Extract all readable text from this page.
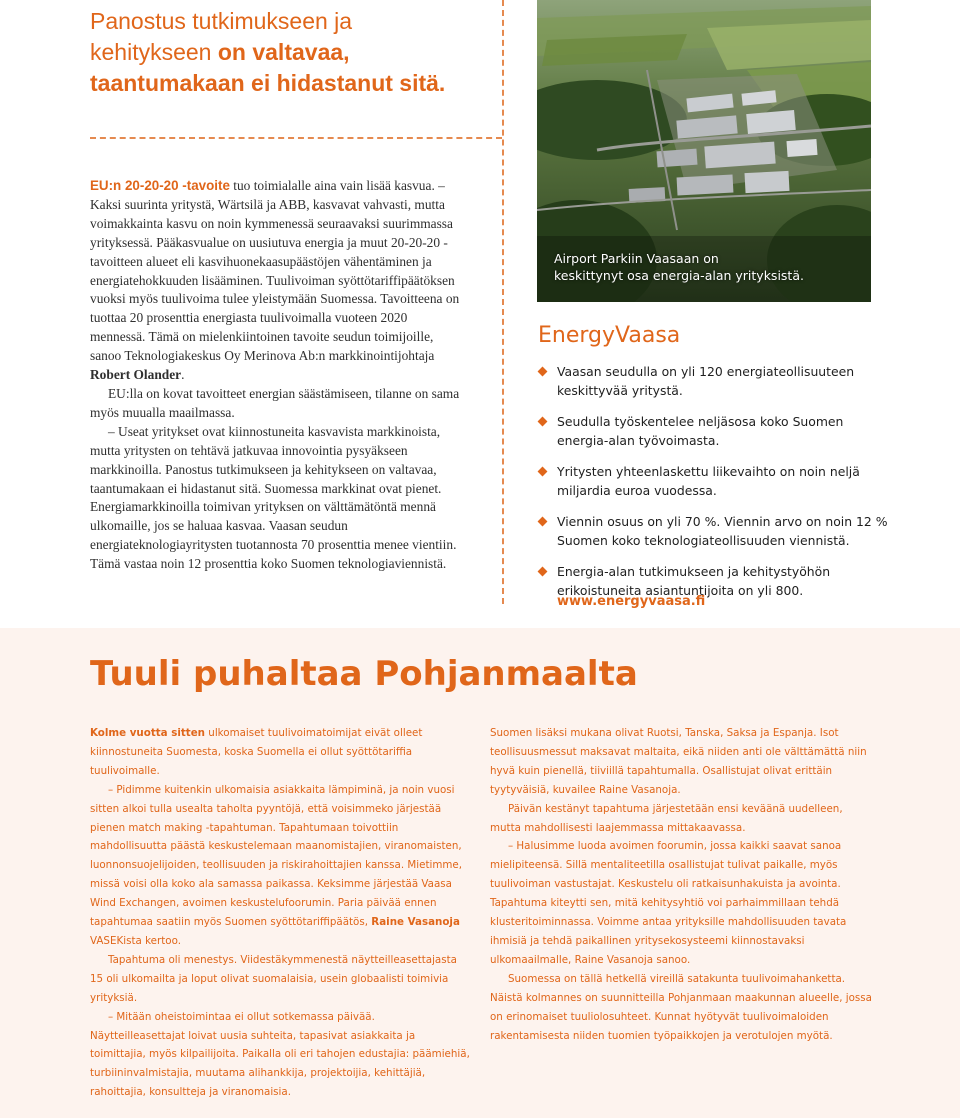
Panostus tutkimukseen ja
kehitykseen on valtavaa,
taantumakaan ei hidastanut sitä.

EU:n 20-20-20 -tavoite tuo toimialalle aina vain lisää kasvua. – Kaksi suurinta yritystä, Wärtsilä ja ABB, kasvavat vahvasti, mutta voimakkainta kasvu on noin kymmenessä seuraavaksi suurimmassa yrityksessä. Pääkasvualue on uusiutuva energia ja muut 20-20-20 -tavoitteen alueet eli kasvihuonekaasupäästöjen vähentäminen ja energiatehokkuuden lisääminen. Tuulivoiman syöttötariffipäätöksen vuoksi myös tuulivoima tulee yleistymään Suomessa. Tavoitteena on tuottaa 20 prosenttia energiasta tuulivoimalla vuoteen 2020 mennessä. Tämä on mielenkiintoinen tavoite seudun toimijoille, sanoo Teknologiakeskus Oy Merinova Ab:n markkinointijohtaja Robert Olander.

EU:lla on kovat tavoitteet energian säästämiseen, tilanne on sama myös muualla maailmassa.

– Useat yritykset ovat kiinnostuneita kasvavista markkinoista, mutta yritysten on tehtävä jatkuvaa innovointia pysyäkseen markkinoilla. Panostus tutkimukseen ja kehitykseen on valtavaa, taantumakaan ei hidastanut sitä. Suomessa markkinat ovat pienet. Energiamarkkinoilla toimivan yrityksen on välttämätöntä mennä ulkomaille, jos se haluaa kasvaa. Vaasan seudun energiateknologiayritysten tuotannosta 70 prosenttia menee vientiin. Tämä vastaa noin 12 prosenttia koko Suomen teknologiaviennistä.

Airport Parkiin Vaasaan on
keskittynyt osa energia-alan yrityksistä.
EnergyVaasa
Vaasan seudulla on yli 120 energiateollisuuteen keskittyvää yritystä.
Seudulla työskentelee neljäsosa koko Suomen energia-alan työvoimasta.
Yritysten yhteenlaskettu liikevaihto on noin neljä miljardia euroa vuodessa.
Viennin osuus on yli 70 %. Viennin arvo on noin 12 % Suomen koko teknologiateollisuuden viennistä.
Energia-alan tutkimukseen ja kehitystyöhön erikoistuneita asiantuntijoita on yli 800.
www.energyvaasa.fi
Tuuli puhaltaa Pohjanmaalta

Kolme vuotta sitten ulkomaiset tuulivoimatoimijat eivät olleet kiinnostuneita Suomesta, koska Suomella ei ollut syöttötariffia tuulivoimalle.

– Pidimme kuitenkin ulkomaisia asiakkaita lämpiminä, ja noin vuosi sitten alkoi tulla usealta taholta pyyntöjä, että voisimmeko järjestää pienen match making -tapahtuman. Tapahtumaan toivottiin mahdollisuutta päästä keskustelemaan maanomistajien, viranomaisten, luonnonsuojelijoiden, teollisuuden ja riskirahoittajien kanssa. Mietimme, missä voisi olla koko ala samassa paikassa. Keksimme järjestää Vaasa Wind Exchangen, avoimen keskustelufoorumin. Paria päivää ennen tapahtumaa saatiin myös Suomen syöttötariffipäätös, Raine Vasanoja VASEKista kertoo.

Tapahtuma oli menestys. Viidestäkymmenestä näytteilleasettajasta 15 oli ulkomailta ja loput olivat suomalaisia, usein globaalisti toimivia yrityksiä.

– Mitään oheistoimintaa ei ollut sotkemassa päivää. Näytteilleasettajat loivat uusia suhteita, tapasivat asiakkaita ja toimittajia, myös kilpailijoita. Paikalla oli eri tahojen edustajia: päämiehiä, turbiininvalmistajia, muutama alihankkija, projektoijia, kehittäjiä, rahoittajia, konsultteja ja viranomaisia.

Suomen lisäksi mukana olivat Ruotsi, Tanska, Saksa ja Espanja. Isot teollisuusmessut maksavat maltaita, eikä niiden anti ole välttämättä niin hyvä kuin pienellä, tiiviillä tapahtumalla. Osallistujat olivat erittäin tyytyväisiä, kuvailee Raine Vasanoja.

Päivän kestänyt tapahtuma järjestetään ensi keväänä uudelleen, mutta mahdollisesti laajemmassa mittakaavassa.

– Halusimme luoda avoimen foorumin, jossa kaikki saavat sanoa mielipiteensä. Sillä mentaliteetilla osallistujat tulivat paikalle, myös tuulivoiman vastustajat. Keskustelu oli ratkaisunhakuista ja avointa. Tapahtuma kiteytti sen, mitä kehitysyhtiö voi parhaimmillaan tehdä klusteritoiminnassa. Voimme antaa yrityksille mahdollisuuden tavata ihmisiä ja tehdä paikallinen yritysekosysteemi kiinnostavaksi ulkomaailmalle, Raine Vasanoja sanoo.

Suomessa on tällä hetkellä vireillä satakunta tuulivoimahanketta. Näistä kolmannes on suunnitteilla Pohjanmaan maakunnan alueelle, jossa on erinomaiset tuuliolosuhteet. Kunnat hyötyvät tuulivoimaloiden rakentamisesta niiden tuomien työpaikkojen ja verotulojen myötä.
